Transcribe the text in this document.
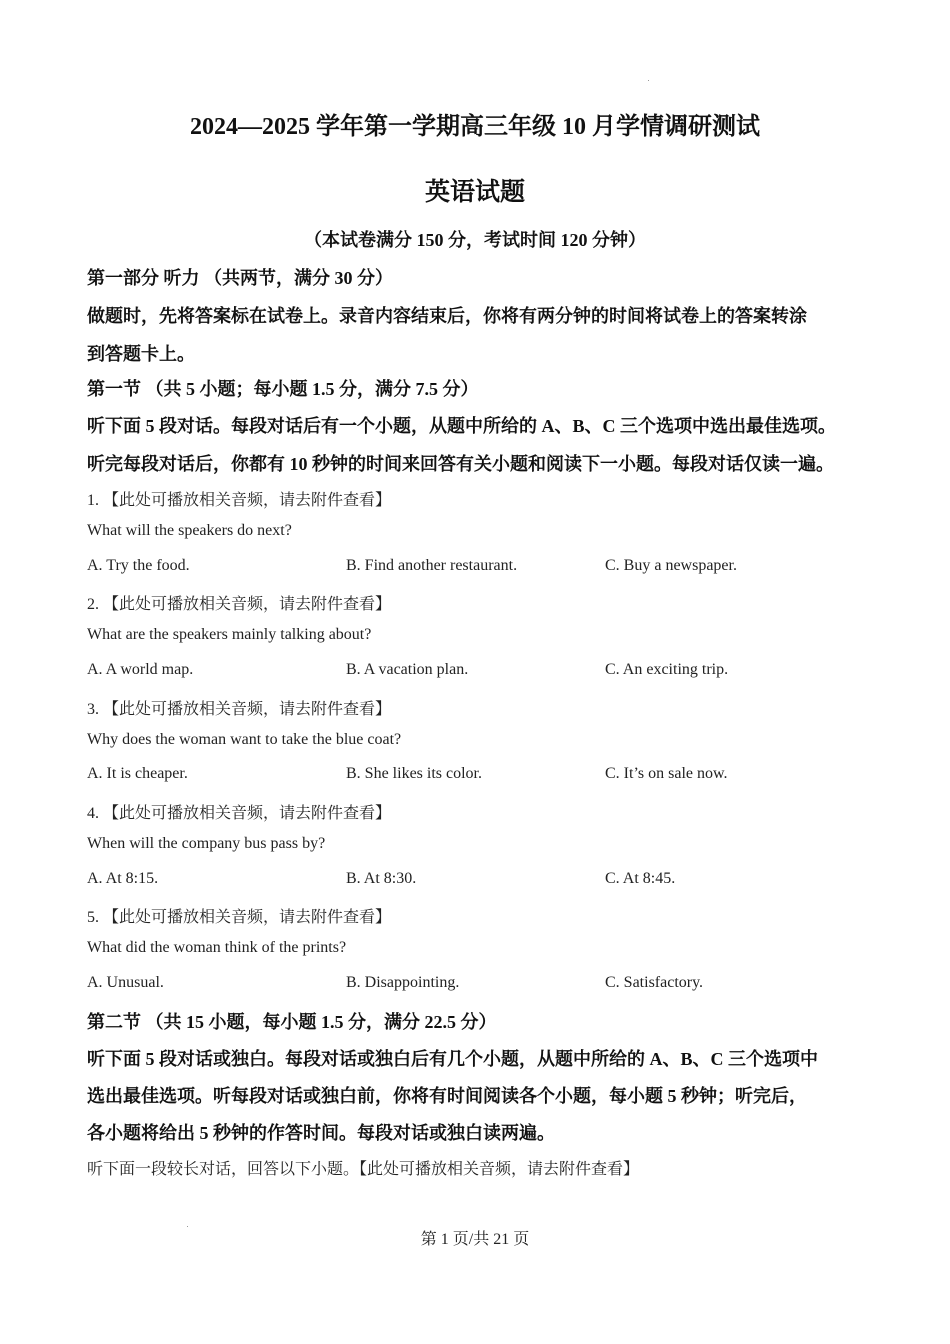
2024—2025 学年第一学期高三年级 10 月学情调研测试
英语试题
（本试卷满分 150 分，考试时间 120 分钟）
第一部分 听力 （共两节，满分 30 分）
做题时，先将答案标在试卷上。录音内容结束后，你将有两分钟的时间将试卷上的答案转涂
到答题卡上。
第一节 （共 5 小题；每小题 1.5 分，满分 7.5 分）
听下面 5 段对话。每段对话后有一个小题，从题中所给的 A、B、C 三个选项中选出最佳选项。
听完每段对话后，你都有 10 秒钟的时间来回答有关小题和阅读下一小题。每段对话仅读一遍。
1. 【此处可播放相关音频，请去附件查看】
What will the speakers do next?
A. Try the food.	B. Find another restaurant.	C. Buy a newspaper.
2. 【此处可播放相关音频，请去附件查看】
What are the speakers mainly talking about?
A. A world map.	B. A vacation plan.	C. An exciting trip.
3. 【此处可播放相关音频，请去附件查看】
Why does the woman want to take the blue coat?
A. It is cheaper.	B. She likes its color.	C. It’s on sale now.
4. 【此处可播放相关音频，请去附件查看】
When will the company bus pass by?
A. At 8:15.	B. At 8:30.	C. At 8:45.
5. 【此处可播放相关音频，请去附件查看】
What did the woman think of the prints?
A. Unusual.	B. Disappointing.	C. Satisfactory.
第二节 （共 15 小题，每小题 1.5 分，满分 22.5 分）
听下面 5 段对话或独白。每段对话或独白后有几个小题，从题中所给的 A、B、C 三个选项中
选出最佳选项。听每段对话或独白前，你将有时间阅读各个小题，每小题 5 秒钟；听完后，
各小题将给出 5 秒钟的作答时间。每段对话或独白读两遍。
听下面一段较长对话，回答以下小题。【此处可播放相关音频，请去附件查看】
第 1 页/共 21 页
